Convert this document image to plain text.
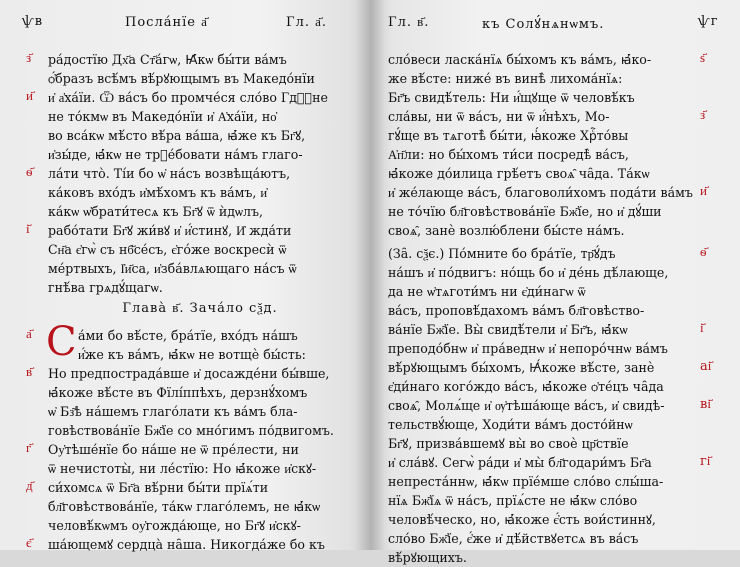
ѱв	Посла́нїе а҃	Гл. а҃.
ра́достїю Дх҃а Ст҃а́гѡ, Ꙗ҆́кѡ бы́ти ва́мъ
ѻ҆́бразъ всѣ́мъ вѣ́рꙋющымъ въ Македо́нїи
и҆ а҆ха́їи. Ѿ ва́съ бо промче́ся сло́во Гдⷭ҇не
не то́кмѡ въ Македо́нїи и҆ А҆ха́їи, но҆
во вса́кѡ мѣ́сто вѣ́ра ва́ша, ꙗ҆́же къ Бг҃ꙋ,
и҆зы́де, ꙗ҆́кѡ не трⷮе́бовати на́мъ глаго-
ла́ти что̀. Ті́и бо ѡ҆ на́съ возвѣща́ютъ,
ка́ковъ вхо́дъ и҆мѣ́хомъ къ ва́мъ, и҆
ка́кѡ ѡ҆брати́тесѧ къ Бг҃ꙋ ѿ ѝдѡлъ,
рабо́тати Бг҃ꙋ жи́вꙋ и҆ и҆́стинꙋ, И҆ жда́ти
Сн҃а є҆гѡ̀ съ нб҃се́съ, є҆го́же воскресѝ ѿ
ме́ртвыхъ, І҆и҃са, и҆зба́влѧющаго на́съ ѿ
гнѣ́ва грѧдꙋ́щагѡ.
з҃
и҃
ѳ҃
і҃
Глава̀ в҃. Зача́ло сѯд.
С а́ми бо вѣ́сте, бра́тїе, вхо́дъ на́шъ
и҆́же къ ва́мъ, ꙗ҆́кѡ не вотщѐ бы́сть:
Но предпострада́вше и҆ досажде́ни бы́вше,
ꙗ҆́коже вѣ́сте въ Фїлі́ппѣхъ, дерзнꙋ́хомъ
ѡ҆ Бз҃ѣ на́шемъ глаго́лати къ ва́мъ бла-
говѣствова́нїе Бж҃їе со мно́гимъ по́двигомъ.
Оу҆тѣше́нїе бо на́ше не ѿ пре́лести, ни
ѿ нечистоты̀, ни ле́стїю: Но ꙗ҆́коже и҆скꙋ-
си́хомсѧ ѿ Бг҃а вѣ́рни бы́ти прїѧ́ти
бл҃говѣствова́нїе, та́кѡ глаго́лемъ, не ꙗ҆́кѡ
человѣ́кѡмъ оу҆гожда́юще, но Бг҃ꙋ и҆скꙋ-
ша́ющемꙋ сердца̀ на̑ша. Никогда́же бо къ
а҃
в҃
г҃
д҃
є҃
Гл. в҃.	къ Солꙋ́нѧнѡмъ.	ѱг
сло́веси ласка́нїѧ бы́хомъ къ ва́мъ, ꙗ҆́ко-
же вѣ́сте: ниже́ въ винѣ̀ лихома́нїѧ:
Бг҃ъ свидѣ́тель: Ни и҆́щꙋще ѿ человѣ́къ
сла́вы, ни ѿ ва́съ, ни ѿ и҆́нѣхъ, Мо-
гꙋ́ще въ тѧготѣ̀ бы́ти, ꙗ҆́коже Хрⷭ҇то́вы
А҆п҃ли: но бы́хомъ ти́си посредѣ̀ ва́съ,
ꙗ҆́коже до́илица грѣ́етъ своѧ̑ ча̑да. Та́кѡ
и҆ же́лающе ва́съ, благоволи́хомъ пода́ти ва́мъ
не то́чїю бл҃говѣствова́нїе Бж҃їе, но и҆ дꙋ́ши
своѧ̑, занѐ возлю́блени бы́сте на́мъ.
(За̑. сѯє.) По́мните бо бра́тїе, тр҃ꙋ́дъ
на́шъ и҆ по́двигъ: но́щь бо и҆ де́нь дѣ́лающе,
да не ѡ҆тѧготи́мъ ни є҆ди́нагѡ ѿ
ва́съ, проповѣ́дахомъ ва́мъ бл҃говѣство-
ва́нїе Бж҃їе. Вы̀ свидѣ́тели и҆ Бг҃ъ, ꙗ҆́кѡ
преподо́бнѡ и҆ пра́веднѡ и҆ непоро́чнѡ ва́мъ
вѣ́рꙋющымъ бы́хомъ, Ꙗ҆́коже вѣ́сте, занѐ
є҆ди́наго кого́ждо ва́съ, ꙗ҆́коже ѻ҆те́цъ ча̑да
своѧ̑, Молѧ́ще и҆ ѹ҆тѣша́юще ва́съ, и҆ свидѣ-
тельствꙋ́юще, Ходи́ти ва́мъ досто́йнѡ
Бг҃ꙋ, призва́вшемꙋ вы̀ во своѐ цр҃ствїе
и҆ сла́вꙋ. Сегѡ̀ ра́ди и҆ мы̀ бл҃годари́мъ Бг҃а
непреста́ннѡ, ꙗ҆́кѡ прїе́мше сло́во слы́ша-
нїѧ Бж҃їѧ ѿ на́съ, прїѧ́сте не ꙗ҆́кѡ сло́во
человѣ́ческо, но, ꙗ҆́коже є҆́сть вои́стиннꙋ,
сло́во Бж҃їе, є҆́же и҆ дѣ́йствꙋетсѧ въ ва́съ
вѣ́рꙋющихъ.
ѕ҃
з҃
и҃
ѳ҃
і҃
аі҃
ві҃
гі҃
